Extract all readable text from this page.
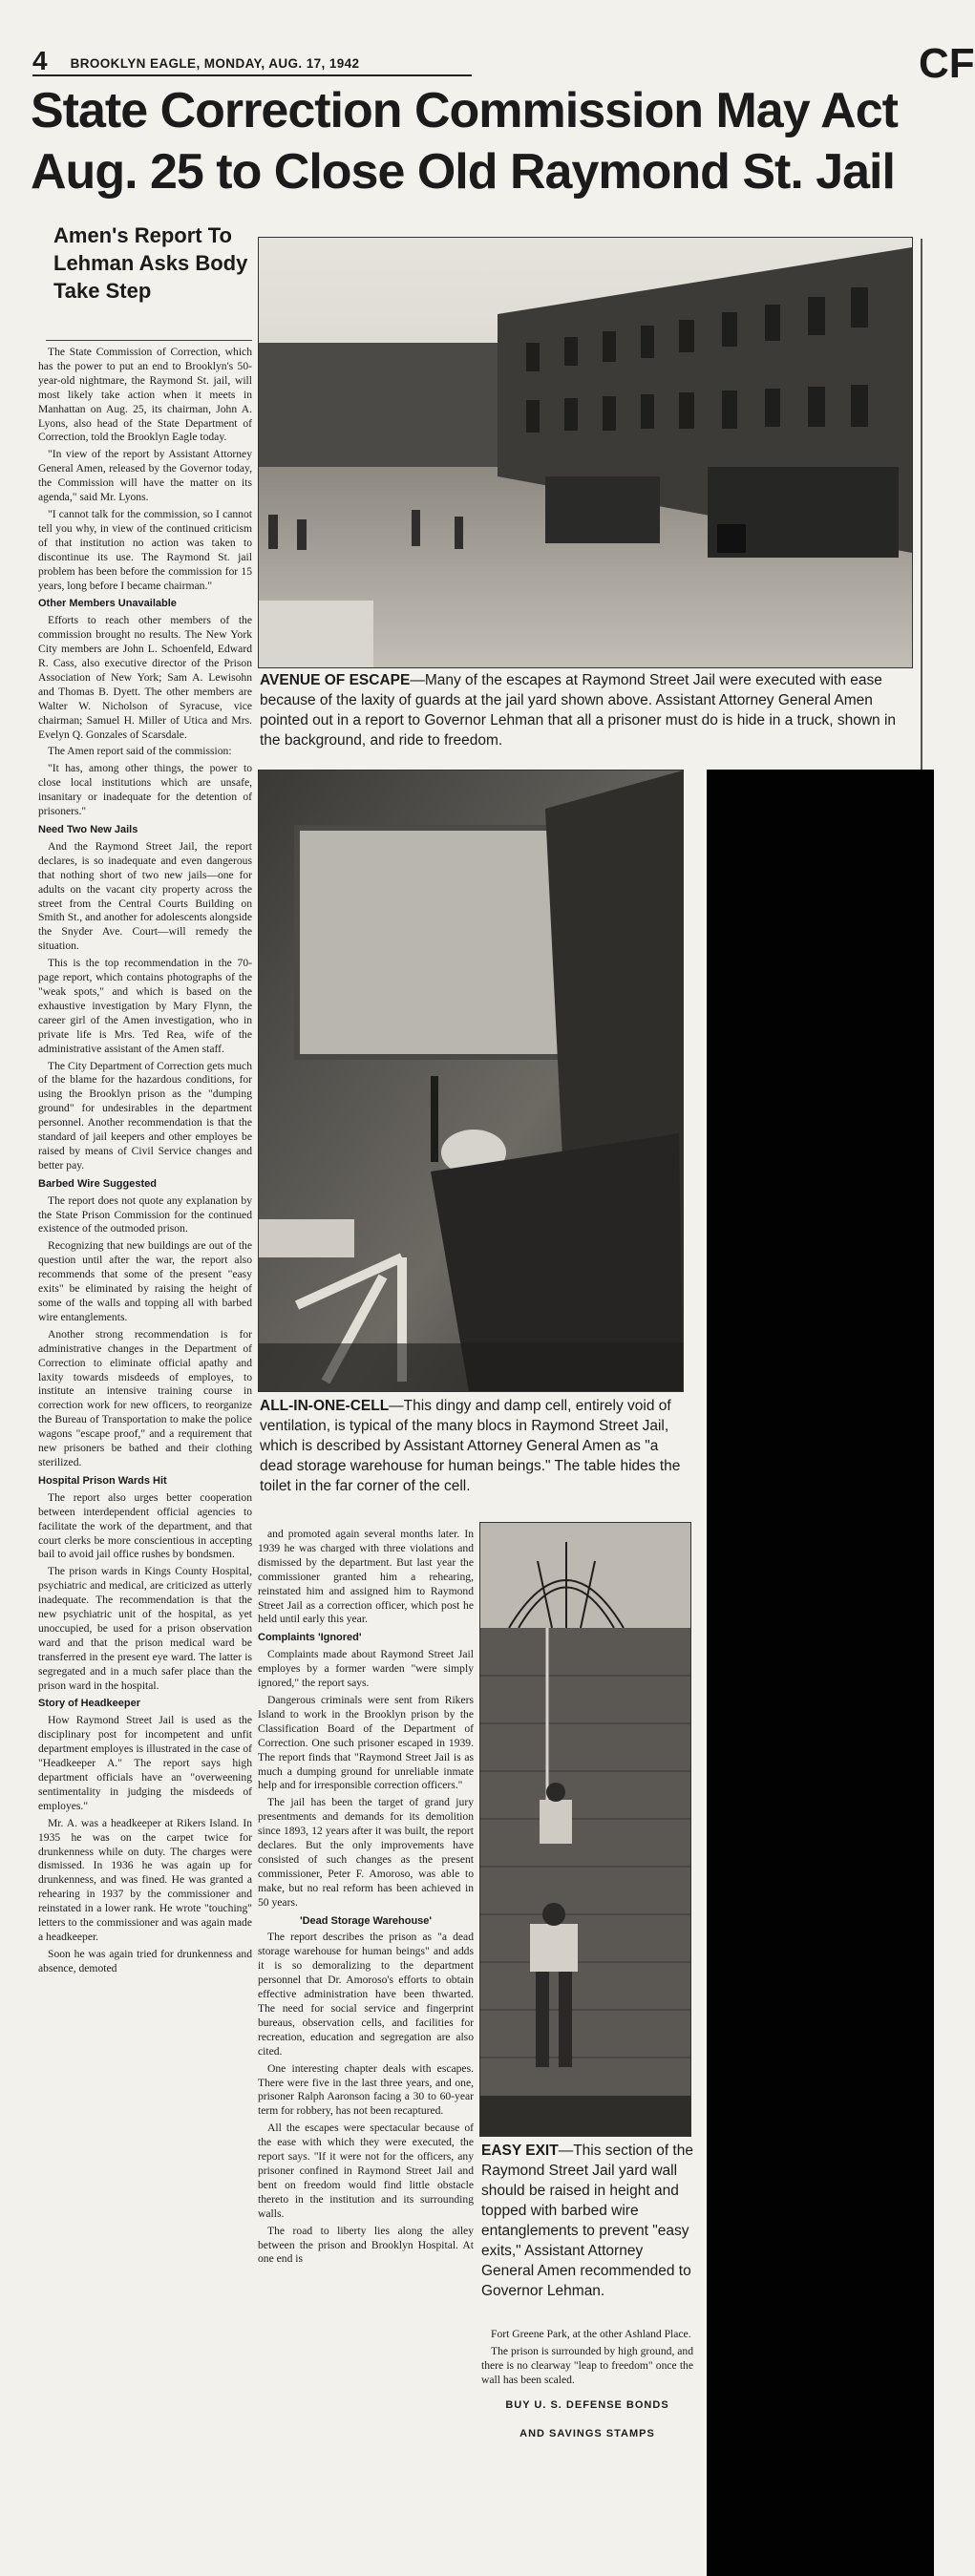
4 BROOKLYN EAGLE, MONDAY, AUG. 17, 1942
State Correction Commission May Act
Aug. 25 to Close Old Raymond St. Jail
CF
Amen's Report To Lehman Asks Body Take Step

The State Commission of Correction, which has the power to put an end to Brooklyn's 50-year-old nightmare, the Raymond St. jail, will most likely take action when it meets in Manhattan on Aug. 25, its chairman, John A. Lyons, also head of the State Department of Correction, told the Brooklyn Eagle today.

"In view of the report by Assistant Attorney General Amen, released by the Governor today, the Commission will have the matter on its agenda," said Mr. Lyons.

"I cannot talk for the commission, so I cannot tell you why, in view of the continued criticism of that institution no action was taken to discontinue its use. The Raymond St. jail problem has been before the commission for 15 years, long before I became chairman."

Other Members Unavailable

Efforts to reach other members of the commission brought no results. The New York City members are John L. Schoenfeld, Edward R. Cass, also executive director of the Prison Association of New York; Sam A. Lewisohn and Thomas B. Dyett. The other members are Walter W. Nicholson of Syracuse, vice chairman; Samuel H. Miller of Utica and Mrs. Evelyn Q. Gonzales of Scarsdale.

The Amen report said of the commission:

"It has, among other things, the power to close local institutions which are unsafe, insanitary or inadequate for the detention of prisoners."

Need Two New Jails

And the Raymond Street Jail, the report declares, is so inadequate and even dangerous that nothing short of two new jails—one for adults on the vacant city property across the street from the Central Courts Building on Smith St., and another for adolescents alongside the Snyder Ave. Court—will remedy the situation.

This is the top recommendation in the 70-page report, which contains photographs of the "weak spots," and which is based on the exhaustive investigation by Mary Flynn, the career girl of the Amen investigation, who in private life is Mrs. Ted Rea, wife of the administrative assistant of the Amen staff.

The City Department of Correction gets much of the blame for the hazardous conditions, for using the Brooklyn prison as the "dumping ground" for undesirables in the department personnel. Another recommendation is that the standard of jail keepers and other employes be raised by means of Civil Service changes and better pay.

Barbed Wire Suggested

The report does not quote any explanation by the State Prison Commission for the continued existence of the outmoded prison.

Recognizing that new buildings are out of the question until after the war, the report also recommends that some of the present "easy exits" be eliminated by raising the height of some of the walls and topping all with barbed wire entanglements.

Another strong recommendation is for administrative changes in the Department of Correction to eliminate official apathy and laxity towards misdeeds of employes, to institute an intensive training course in correction work for new officers, to reorganize the Bureau of Transportation to make the police wagons "escape proof," and a requirement that new prisoners be bathed and their clothing sterilized.

Hospital Prison Wards Hit

The report also urges better cooperation between interdependent official agencies to facilitate the work of the department, and that court clerks be more conscientious in accepting bail to avoid jail office rushes by bondsmen.

The prison wards in Kings County Hospital, psychiatric and medical, are criticized as utterly inadequate. The recommendation is that the new psychiatric unit of the hospital, as yet unoccupied, be used for a prison observation ward and that the prison medical ward be transferred in the present eye ward. The latter is segregated and in a much safer place than the prison ward in the hospital.

Story of Headkeeper

How Raymond Street Jail is used as the disciplinary post for incompetent and unfit department employes is illustrated in the case of "Headkeeper A." The report says high department officials have an "overweening sentimentality in judging the misdeeds of employes."

Mr. A. was a headkeeper at Rikers Island. In 1935 he was on the carpet twice for drunkenness while on duty. The charges were dismissed. In 1936 he was again up for drunkenness, and was fined. He was granted a rehearing in 1937 by the commissioner and reinstated in a lower rank. He wrote "touching" letters to the commissioner and was again made a headkeeper.

Soon he was again tried for drunkenness and absence, demoted

AVENUE OF ESCAPE—Many of the escapes at Raymond Street Jail were executed with ease because of the laxity of guards at the jail yard shown above. Assistant Attorney General Amen pointed out in a report to Governor Lehman that all a prisoner must do is hide in a truck, shown in the background, and ride to freedom.
ALL-IN-ONE-CELL—This dingy and damp cell, entirely void of ventilation, is typical of the many blocs in Raymond Street Jail, which is described by Assistant Attorney General Amen as "a dead storage warehouse for human beings." The table hides the toilet in the far corner of the cell.

and promoted again several months later. In 1939 he was charged with three violations and dismissed by the department. But last year the commissioner granted him a rehearing, reinstated him and assigned him to Raymond Street Jail as a correction officer, which post he held until early this year.

Complaints 'Ignored'

Complaints made about Raymond Street Jail employes by a former warden "were simply ignored," the report says.

Dangerous criminals were sent from Rikers Island to work in the Brooklyn prison by the Classification Board of the Department of Correction. One such prisoner escaped in 1939. The report finds that "Raymond Street Jail is as much a dumping ground for unreliable inmate help and for irresponsible correction officers."

The jail has been the target of grand jury presentments and demands for its demolition since 1893, 12 years after it was built, the report declares. But the only improvements have consisted of such changes as the present commissioner, Peter F. Amoroso, was able to make, but no real reform has been achieved in 50 years.

'Dead Storage Warehouse'

The report describes the prison as "a dead storage warehouse for human beings" and adds it is so demoralizing to the department personnel that Dr. Amoroso's efforts to obtain effective administration have been thwarted. The need for social service and fingerprint bureaus, observation cells, and facilities for recreation, education and segregation are also cited.

One interesting chapter deals with escapes. There were five in the last three years, and one, prisoner Ralph Aaronson facing a 30 to 60-year term for robbery, has not been recaptured.

All the escapes were spectacular because of the ease with which they were executed, the report says. "If it were not for the officers, any prisoner confined in Raymond Street Jail and bent on freedom would find little obstacle thereto in the institution and its surrounding walls.

The road to liberty lies along the alley between the prison and Brooklyn Hospital. At one end is

EASY EXIT—This section of the Raymond Street Jail yard wall should be raised in height and topped with barbed wire entanglements to prevent "easy exits," Assistant Attorney General Amen recommended to Governor Lehman.

Fort Greene Park, at the other Ashland Place.

The prison is surrounded by high ground, and there is no clearway "leap to freedom" once the wall has been scaled.

BUY U. S. DEFENSE BONDS
AND SAVINGS STAMPS
